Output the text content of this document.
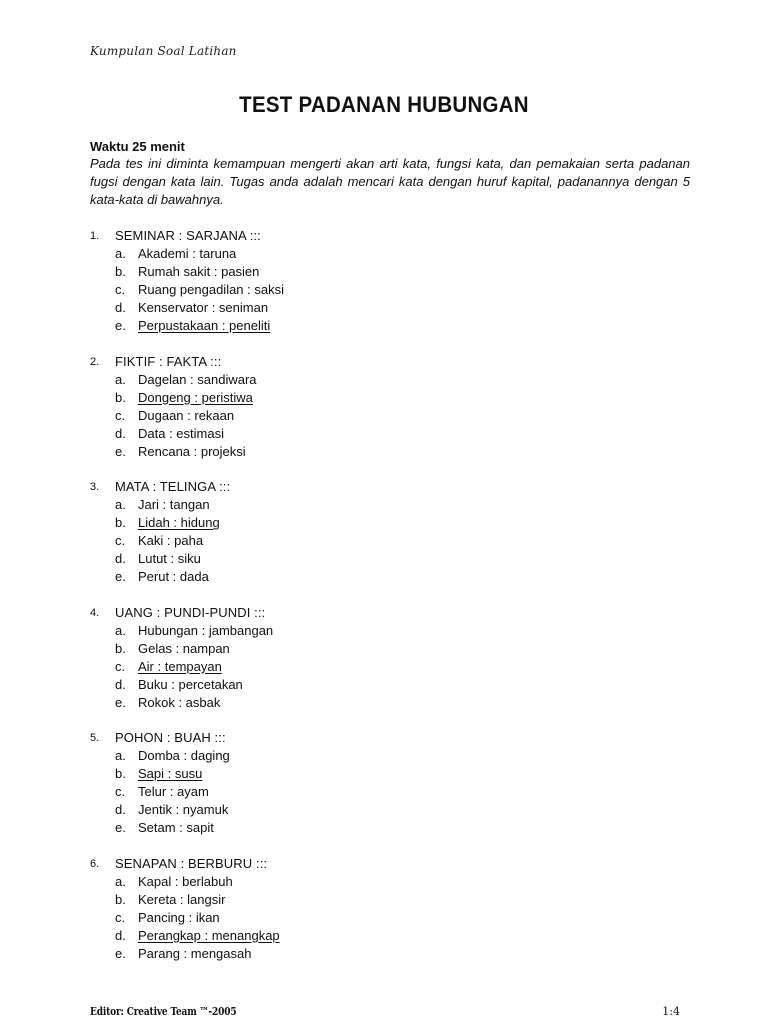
Kumpulan Soal Latihan
TEST PADANAN HUBUNGAN
Waktu 25 menit
Pada tes ini diminta kemampuan mengerti akan arti kata, fungsi kata, dan pemakaian serta padanan fugsi dengan kata lain. Tugas anda adalah mencari kata dengan huruf kapital, padanannya dengan 5 kata-kata di bawahnya.
1.	SEMINAR : SARJANA :::
a. Akademi : taruna
b. Rumah sakit : pasien
c. Ruang pengadilan : saksi
d. Kenservator : seniman
e. Perpustakaan : peneliti
2.	FIKTIF : FAKTA :::
a. Dagelan : sandiwara
b. Dongeng : peristiwa
c. Dugaan : rekaan
d. Data : estimasi
e. Rencana : projeksi
3.	MATA : TELINGA :::
a. Jari : tangan
b. Lidah : hidung
c. Kaki : paha
d. Lutut : siku
e. Perut : dada
4.	UANG : PUNDI-PUNDI :::
a. Hubungan : jambangan
b. Gelas : nampan
c. Air : tempayan
d. Buku : percetakan
e. Rokok : asbak
5.	POHON : BUAH :::
a. Domba : daging
b. Sapi : susu
c. Telur : ayam
d. Jentik : nyamuk
e. Setam : sapit
6.	SENAPAN : BERBURU :::
a. Kapal : berlabuh
b. Kereta : langsir
c. Pancing : ikan
d. Perangkap : menangkap
e. Parang : mengasah
Editor: Creative Team ™-2005	1:4
